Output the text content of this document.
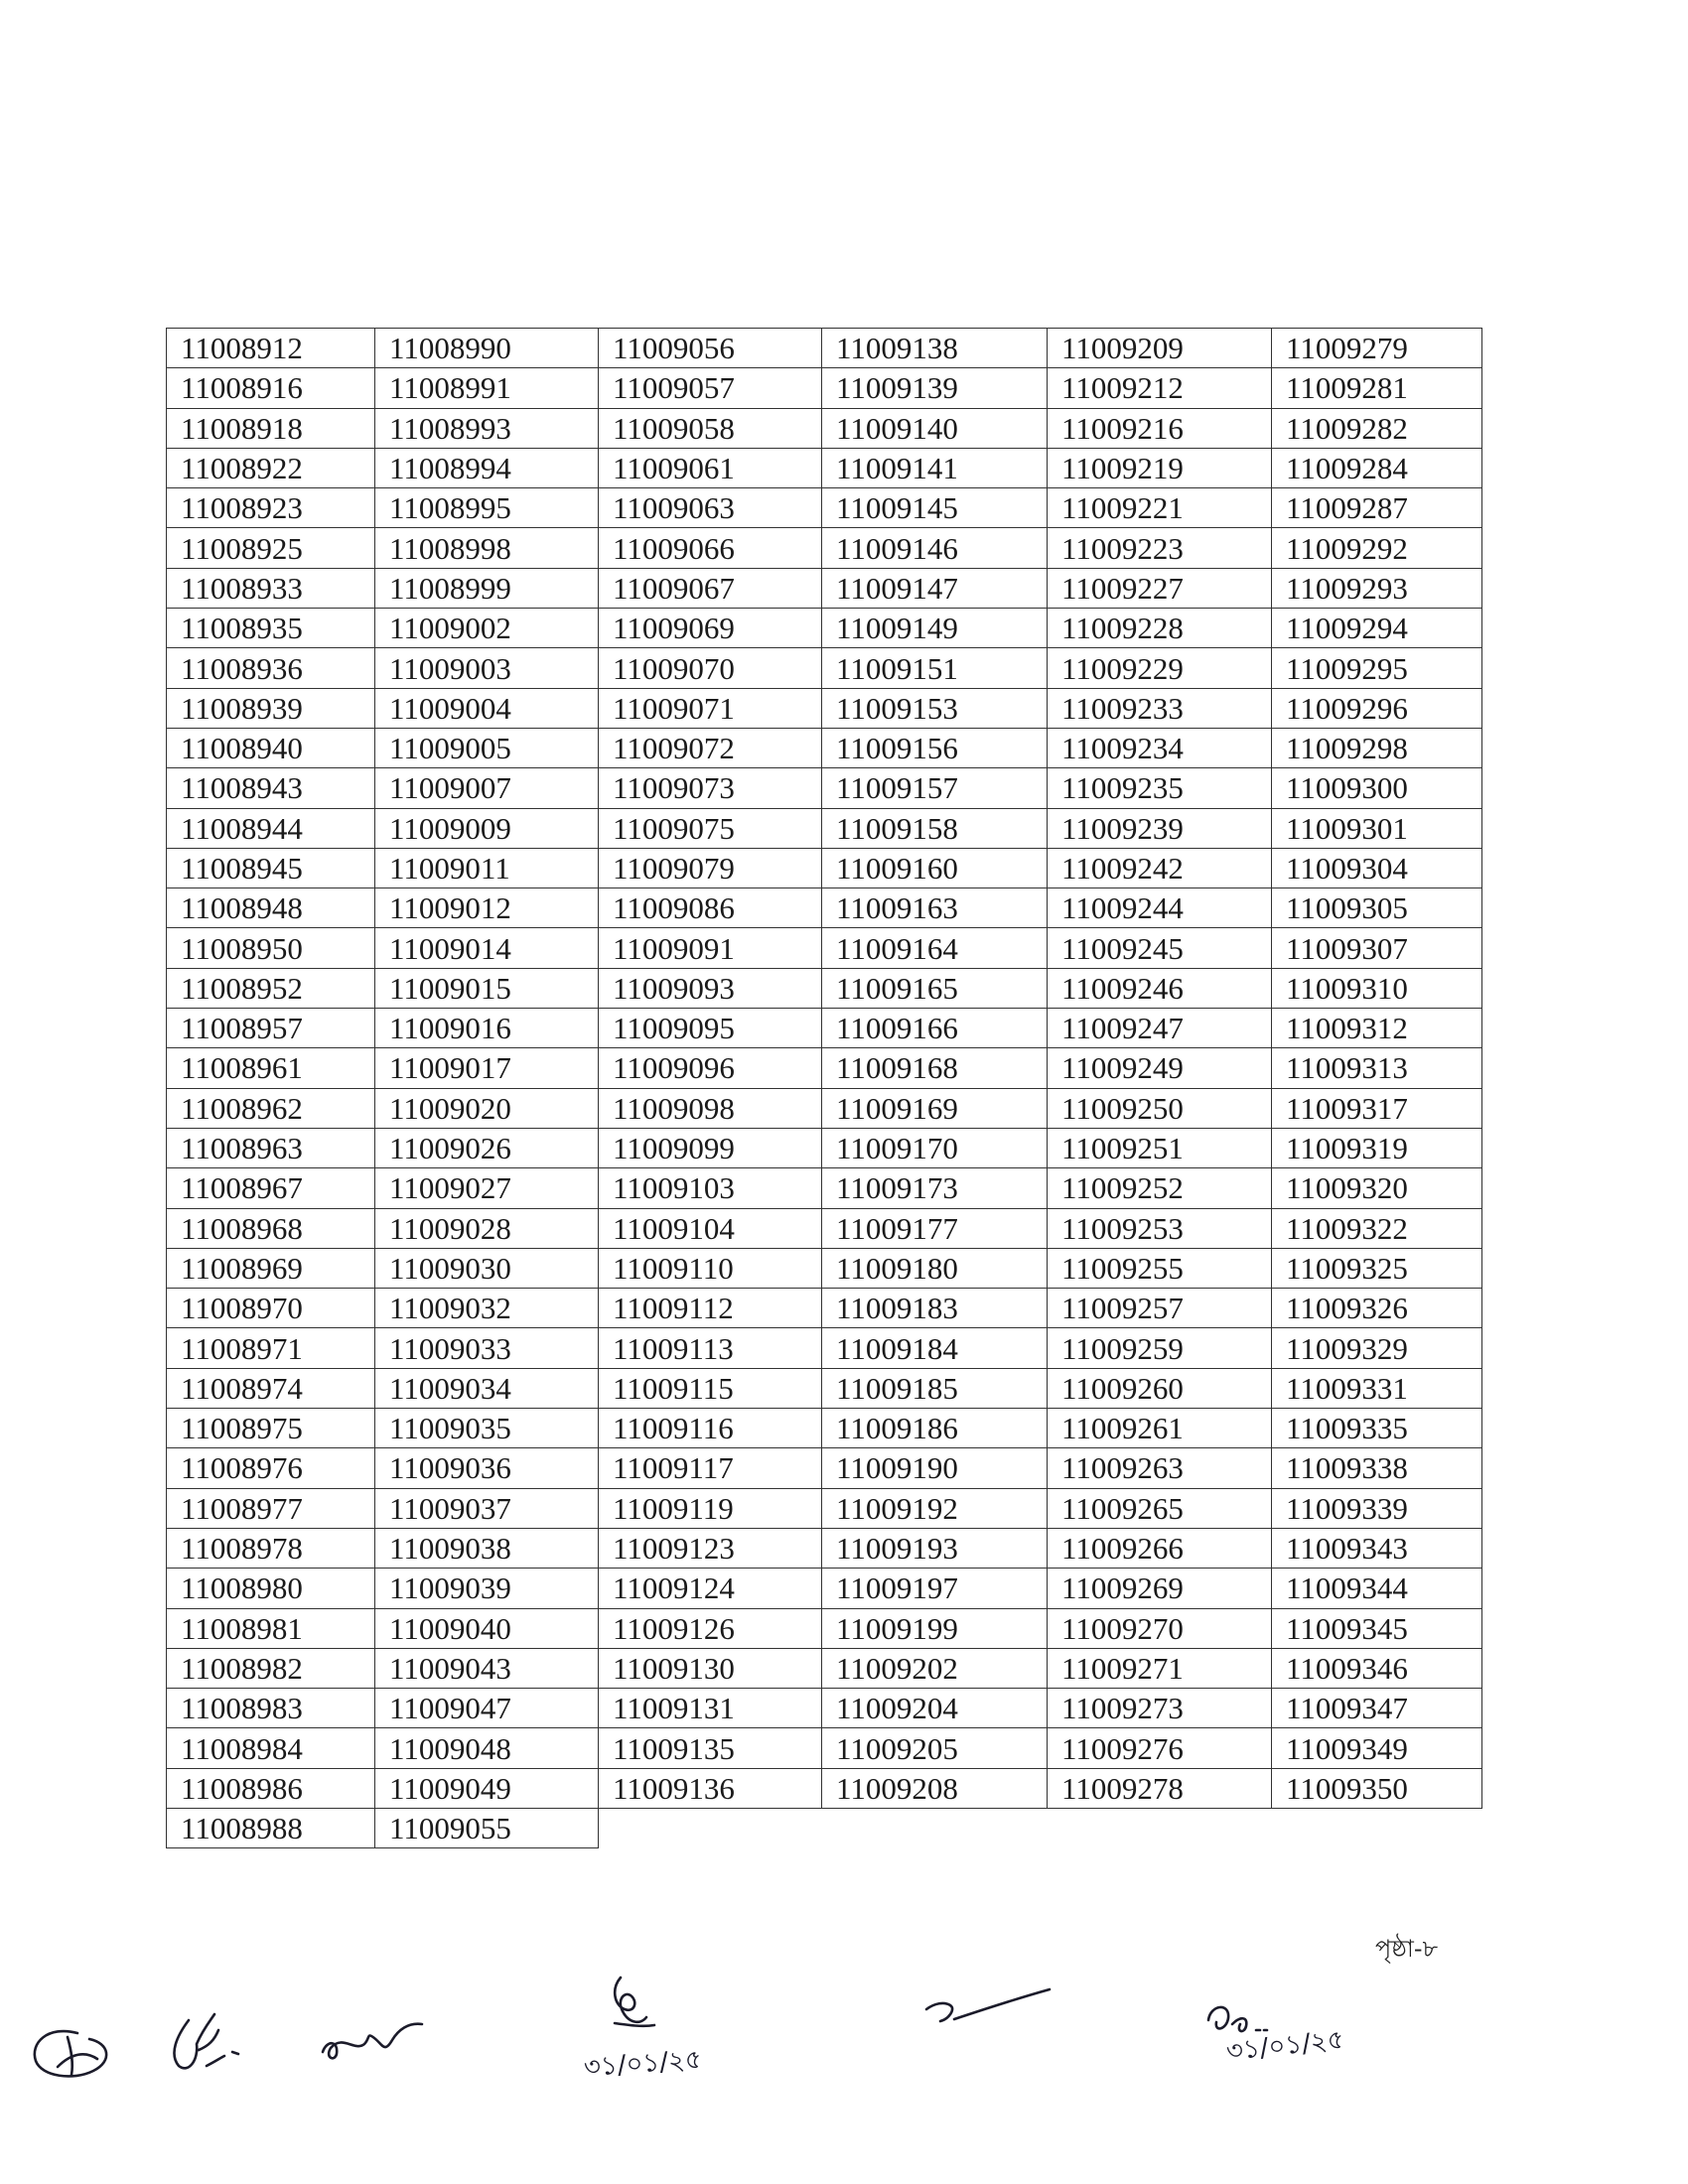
11008912	11008990	11009056	11009138	11009209	11009279
11008916	11008991	11009057	11009139	11009212	11009281
11008918	11008993	11009058	11009140	11009216	11009282
11008922	11008994	11009061	11009141	11009219	11009284
11008923	11008995	11009063	11009145	11009221	11009287
11008925	11008998	11009066	11009146	11009223	11009292
11008933	11008999	11009067	11009147	11009227	11009293
11008935	11009002	11009069	11009149	11009228	11009294
11008936	11009003	11009070	11009151	11009229	11009295
11008939	11009004	11009071	11009153	11009233	11009296
11008940	11009005	11009072	11009156	11009234	11009298
11008943	11009007	11009073	11009157	11009235	11009300
11008944	11009009	11009075	11009158	11009239	11009301
11008945	11009011	11009079	11009160	11009242	11009304
11008948	11009012	11009086	11009163	11009244	11009305
11008950	11009014	11009091	11009164	11009245	11009307
11008952	11009015	11009093	11009165	11009246	11009310
11008957	11009016	11009095	11009166	11009247	11009312
11008961	11009017	11009096	11009168	11009249	11009313
11008962	11009020	11009098	11009169	11009250	11009317
11008963	11009026	11009099	11009170	11009251	11009319
11008967	11009027	11009103	11009173	11009252	11009320
11008968	11009028	11009104	11009177	11009253	11009322
11008969	11009030	11009110	11009180	11009255	11009325
11008970	11009032	11009112	11009183	11009257	11009326
11008971	11009033	11009113	11009184	11009259	11009329
11008974	11009034	11009115	11009185	11009260	11009331
11008975	11009035	11009116	11009186	11009261	11009335
11008976	11009036	11009117	11009190	11009263	11009338
11008977	11009037	11009119	11009192	11009265	11009339
11008978	11009038	11009123	11009193	11009266	11009343
11008980	11009039	11009124	11009197	11009269	11009344
11008981	11009040	11009126	11009199	11009270	11009345
11008982	11009043	11009130	11009202	11009271	11009346
11008983	11009047	11009131	11009204	11009273	11009347
11008984	11009048	11009135	11009205	11009276	11009349
11008986	11009049	11009136	11009208	11009278	11009350
11008988	11009055				
পৃষ্ঠা-৮
৩১/০১/২৫	৩১/০১/২৫
